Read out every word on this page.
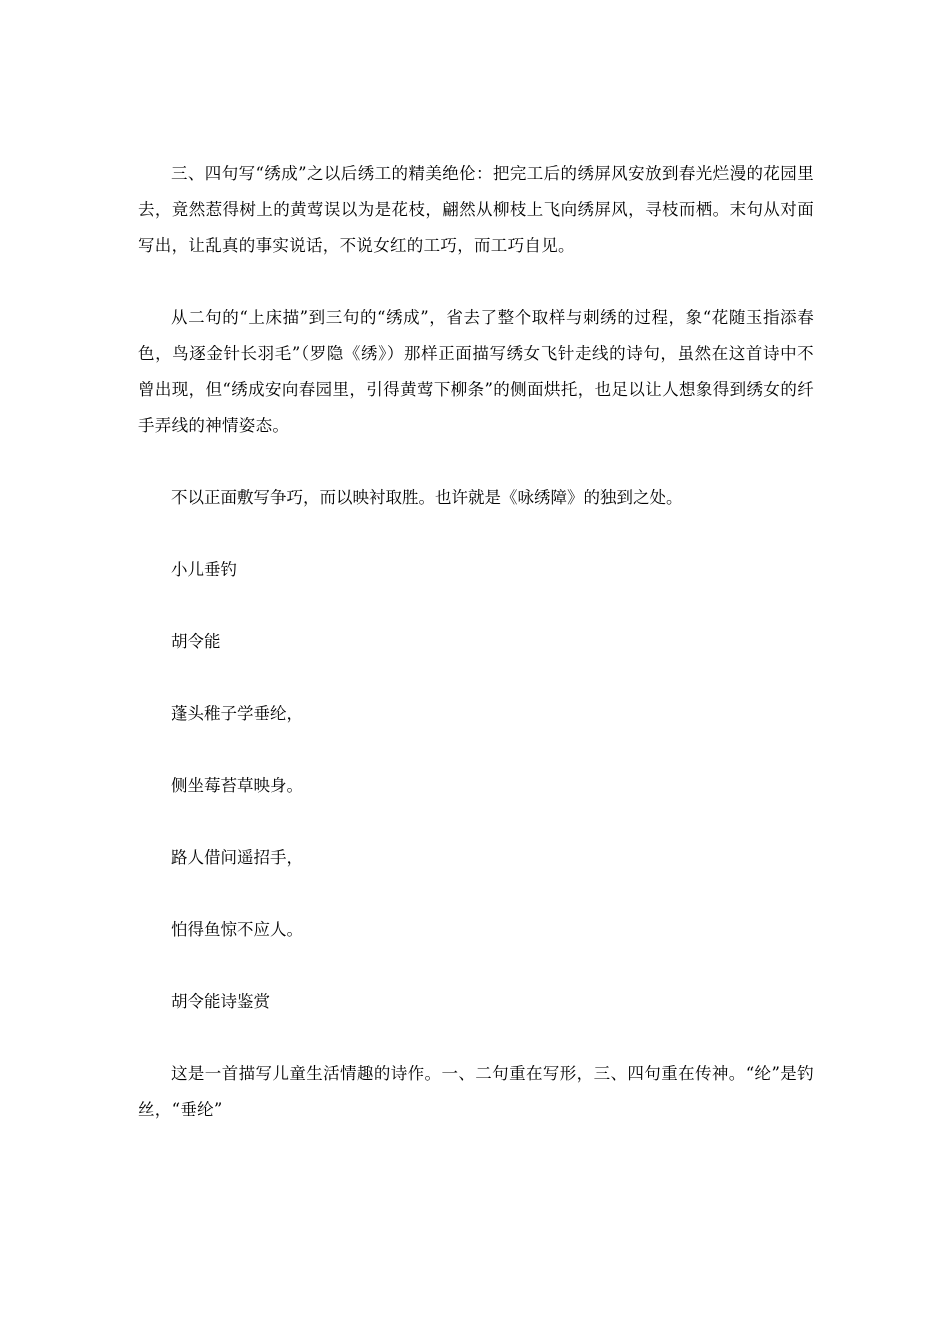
三、四句写“绣成”之以后绣工的精美绝伦：把完工后的绣屏风安放到春光烂漫的花园里去，竟然惹得树上的黄莺误以为是花枝，翩然从柳枝上飞向绣屏风，寻枝而栖。末句从对面写出，让乱真的事实说话，不说女红的工巧，而工巧自见。

从二句的“上床描”到三句的“绣成”，省去了整个取样与刺绣的过程，象“花随玉指添春色，鸟逐金针长羽毛”（罗隐《绣》）那样正面描写绣女飞针走线的诗句，虽然在这首诗中不曾出现，但“绣成安向春园里，引得黄莺下柳条”的侧面烘托，也足以让人想象得到绣女的纤手弄线的神情姿态。

不以正面敷写争巧，而以映衬取胜。也许就是《咏绣障》的独到之处。

小儿垂钓

胡令能

蓬头稚子学垂纶，

侧坐莓苔草映身。

路人借问遥招手，

怕得鱼惊不应人。

胡令能诗鉴赏

这是一首描写儿童生活情趣的诗作。一、二句重在写形，三、四句重在传神。“纶”是钓丝，“垂纶”
